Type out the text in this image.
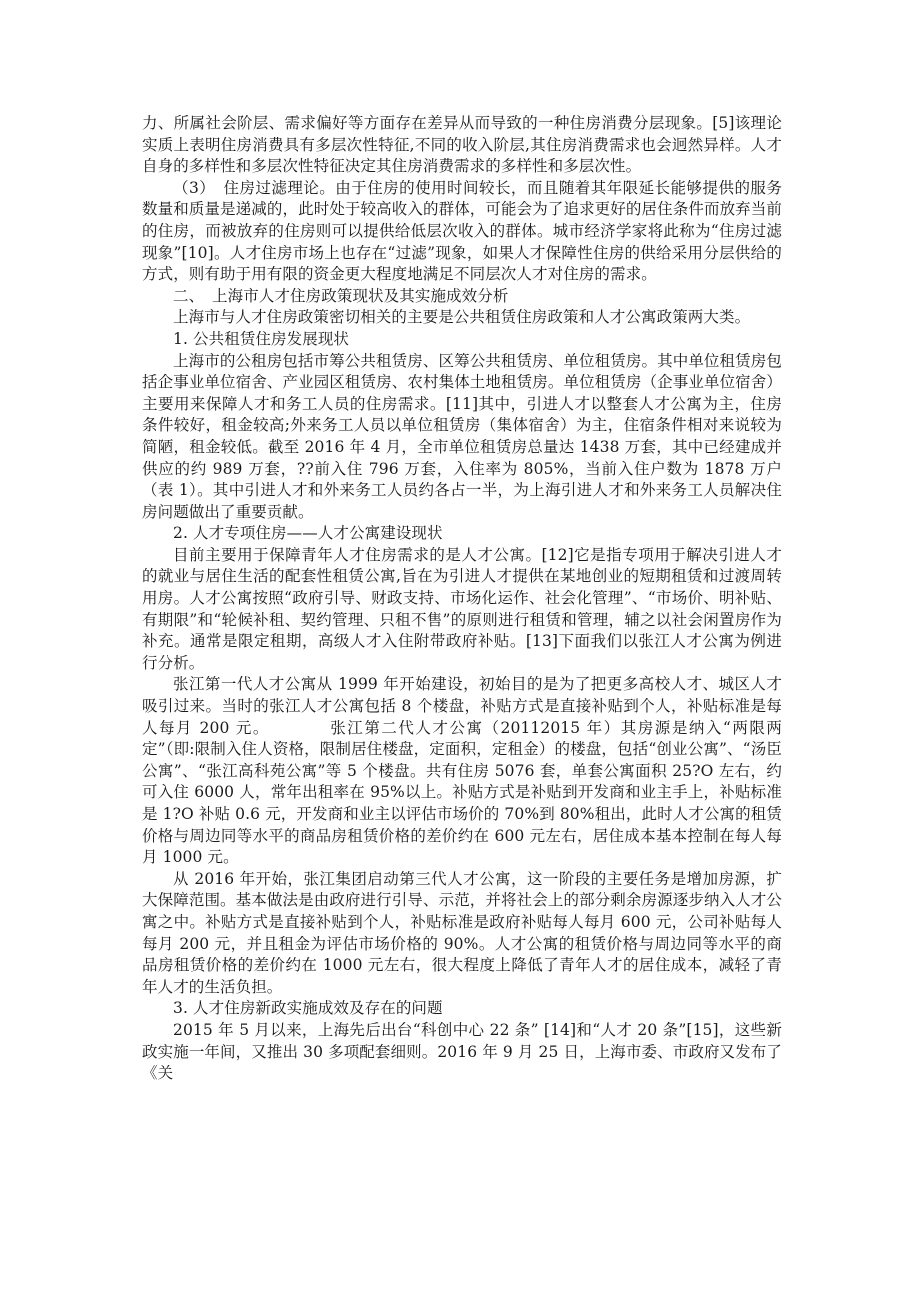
力、所属社会阶层、需求偏好等方面存在差异从而导致的一种住房消费分层现象。[5]该理论实质上表明住房消费具有多层次性特征,不同的收入阶层,其住房消费需求也会迥然异样。人才自身的多样性和多层次性特征决定其住房消费需求的多样性和多层次性。

（3）　住房过滤理论。由于住房的使用时间较长，而且随着其年限延长能够提供的服务数量和质量是递减的，此时处于较高收入的群体，可能会为了追求更好的居住条件而放弃当前的住房，而被放弃的住房则可以提供给低层次收入的群体。城市经济学家将此称为“住房过滤现象”[10]。人才住房市场上也存在“过滤”现象，如果人才保障性住房的供给采用分层供给的方式，则有助于用有限的资金更大程度地满足不同层次人才对住房的需求。

二、　上海市人才住房政策现状及其实施成效分析

上海市与人才住房政策密切相关的主要是公共租赁住房政策和人才公寓政策两大类。

1. 公共租赁住房发展现状

上海市的公租房包括市筹公共租赁房、区筹公共租赁房、单位租赁房。其中单位租赁房包括企事业单位宿舍、产业园区租赁房、农村集体土地租赁房。单位租赁房（企事业单位宿舍）主要用来保障人才和务工人员的住房需求。[11]其中，引进人才以整套人才公寓为主，住房条件较好，租金较高;外来务工人员以单位租赁房（集体宿舍）为主，住宿条件相对来说较为简陋，租金较低。截至 2016 年 4 月，全市单位租赁房总量达 1438 万套，其中已经建成并供应的约 989 万套，??前入住 796 万套，入住率为 805%，当前入住户数为 1878 万户（表 1）。其中引进人才和外来务工人员约各占一半，为上海引进人才和外来务工人员解决住房问题做出了重要贡献。

2. 人才专项住房——人才公寓建设现状

目前主要用于保障青年人才住房需求的是人才公寓。[12]它是指专项用于解决引进人才的就业与居住生活的配套性租赁公寓,旨在为引进人才提供在某地创业的短期租赁和过渡周转用房。人才公寓按照“政府引导、财政支持、市场化运作、社会化管理”、“市场价、明补贴、有期限”和“轮候补租、契约管理、只租不售”的原则进行租赁和管理，辅之以社会闲置房作为补充。通常是限定租期，高级人才入住附带政府补贴。[13]下面我们以张江人才公寓为例进行分析。

张江第一代人才公寓从 1999 年开始建设，初始目的是为了把更多高校人才、城区人才吸引过来。当时的张江人才公寓包括 8 个楼盘，补贴方式是直接补贴到个人，补贴标准是每人每月 200 元。　　　　张江第二代人才公寓（20112015 年）其房源是纳入“两限两定”（即:限制入住人资格，限制居住楼盘，定面积，定租金）的楼盘，包括“创业公寓”、“汤臣公寓”、“张江高科苑公寓”等 5 个楼盘。共有住房 5076 套，单套公寓面积 25?O 左右，约可入住 6000 人，常年出租率在 95%以上。补贴方式是补贴到开发商和业主手上，补贴标准是 1?O 补贴 0.6 元，开发商和业主以评估市场价的 70%到 80%租出，此时人才公寓的租赁价格与周边同等水平的商品房租赁价格的差价约在 600 元左右，居住成本基本控制在每人每月 1000 元。

从 2016 年开始，张江集团启动第三代人才公寓，这一阶段的主要任务是增加房源，扩大保障范围。基本做法是由政府进行引导、示范，并将社会上的部分剩余房源逐步纳入人才公寓之中。补贴方式是直接补贴到个人，补贴标准是政府补贴每人每月 600 元，公司补贴每人每月 200 元，并且租金为评估市场价格的 90%。人才公寓的租赁价格与周边同等水平的商品房租赁价格的差价约在 1000 元左右，很大程度上降低了青年人才的居住成本，减轻了青年人才的生活负担。

3. 人才住房新政实施成效及存在的问题

2015 年 5 月以来，上海先后出台“科创中心 22 条” [14]和“人才 20 条”[15]，这些新政实施一年间，又推出 30 多项配套细则。2016 年 9 月 25 日，上海市委、市政府又发布了《关
